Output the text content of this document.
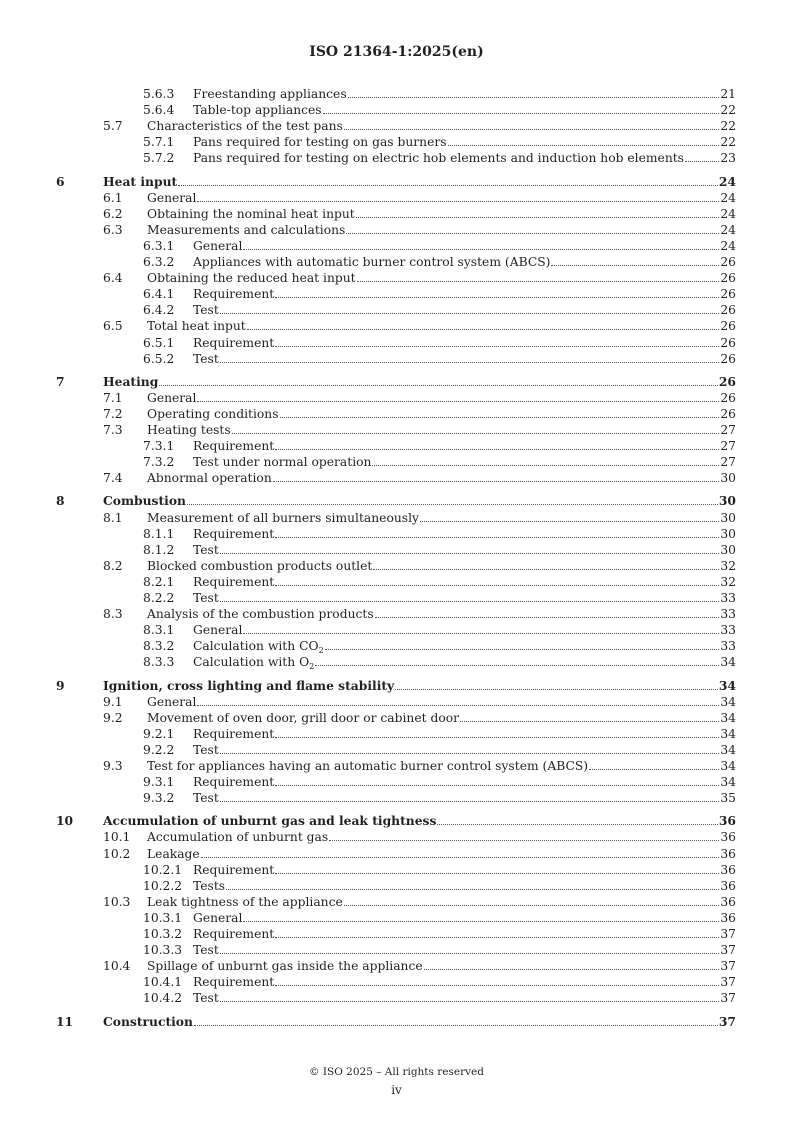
ISO 21364-1:2025(en)
5.6.3 Freestanding appliances	21
5.6.4 Table-top appliances	22
5.7 Characteristics of the test pans	22
5.7.1 Pans required for testing on gas burners	22
5.7.2 Pans required for testing on electric hob elements and induction hob elements	23
6	Heat input	24
6.1 General	24
6.2 Obtaining the nominal heat input	24
6.3 Measurements and calculations	24
6.3.1 General	24
6.3.2 Appliances with automatic burner control system (ABCS)	26
6.4 Obtaining the reduced heat input	26
6.4.1 Requirement	26
6.4.2 Test	26
6.5 Total heat input	26
6.5.1 Requirement	26
6.5.2 Test	26
7	Heating	26
7.1 General	26
7.2 Operating conditions	26
7.3 Heating tests	27
7.3.1 Requirement	27
7.3.2 Test under normal operation	27
7.4 Abnormal operation	30
8	Combustion	30
8.1 Measurement of all burners simultaneously	30
8.1.1 Requirement	30
8.1.2 Test	30
8.2 Blocked combustion products outlet	32
8.2.1 Requirement	32
8.2.2 Test	33
8.3 Analysis of the combustion products	33
8.3.1 General	33
8.3.2 Calculation with $CO_2$	33
8.3.3 Calculation with $O_2$	34
9	Ignition, cross lighting and flame stability	34
9.1 General	34
9.2 Movement of oven door, grill door or cabinet door	34
9.2.1 Requirement	34
9.2.2 Test	34
9.3 Test for appliances having an automatic burner control system (ABCS)	34
9.3.1 Requirement	34
9.3.2 Test	35
10 Accumulation of unburnt gas and leak tightness	36
10.1 Accumulation of unburnt gas	36
10.2 Leakage	36
10.2.1 Requirement	36
10.2.2 Tests	36
10.3 Leak tightness of the appliance	36
10.3.1 General	36
10.3.2 Requirement	37
10.3.3 Test	37
10.4 Spillage of unburnt gas inside the appliance	37
10.4.1 Requirement	37
10.4.2 Test	37
11 Construction	37
© ISO 2025 – All rights reserved
iv
